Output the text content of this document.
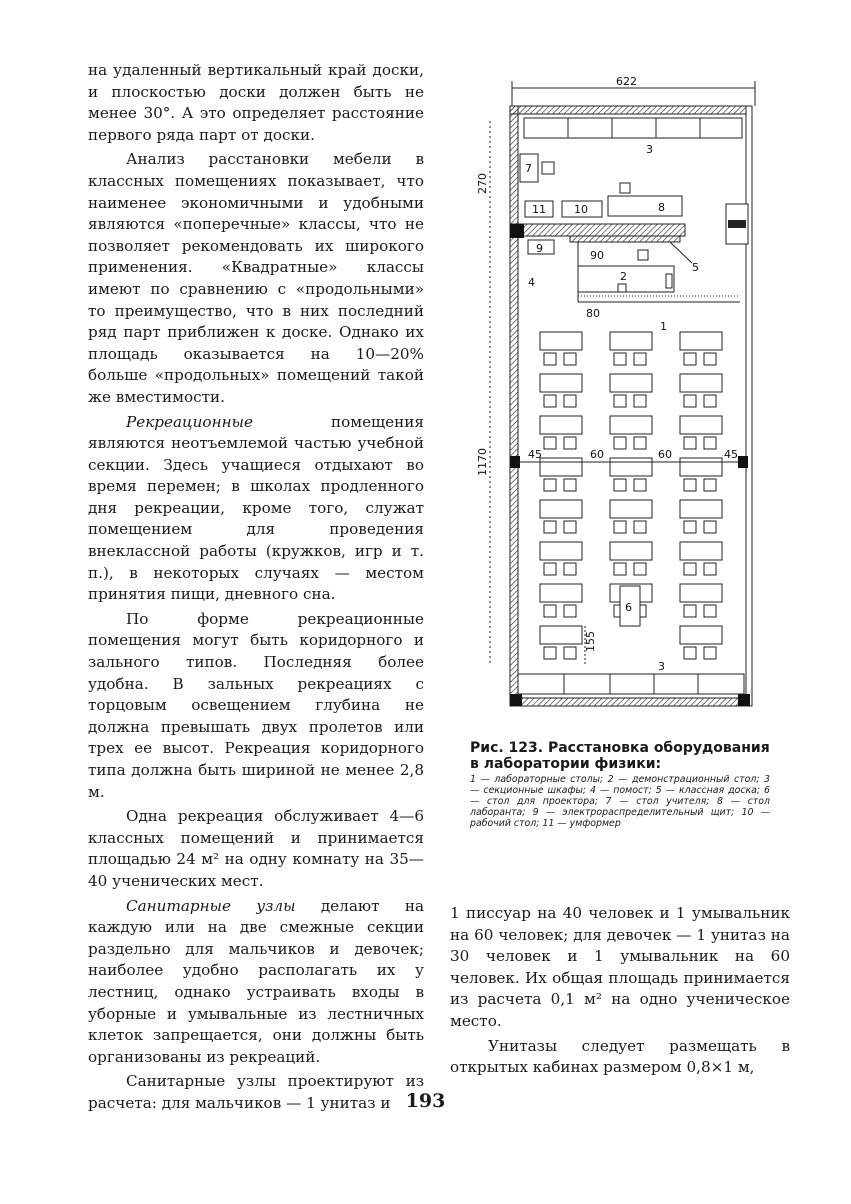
на удаленный вертикальный край доски, и плоскостью доски должен быть не менее 30°. А это определяет расстояние первого ряда парт от доски.

Анализ расстановки мебели в классных помещениях показывает, что наименее экономичными и удобными являются «поперечные» классы, что не позволяет рекомендовать их широкого применения. «Квадратные» классы имеют по сравнению с «продольными» то преимущество, что в них последний ряд парт приближен к доске. Однако их площадь оказывается на 10—20% больше «продольных» помещений такой же вместимости.

Рекреационные	помещения являются неотъемлемой частью учебной секции. Здесь учащиеся отдыхают во время перемен; в школах продленного дня рекреации, кроме того, служат помещением для проведения внеклассной работы (кружков, игр и т. п.), в некоторых случаях — местом принятия пищи, дневного сна.

По форме рекреационные помещения могут быть коридорного и зального типов. Последняя более удобна. В зальных рекреациях с торцовым освещением глубина не должна превышать двух пролетов или трех ее высот. Рекреация коридорного типа должна быть шириной не менее 2,8 м.

Одна рекреация обслуживает 4—6 классных помещений и принимается площадью 24 м² на одну комнату на 35—40 ученических мест.

Санитарные узлы делают на каждую или на две смежные секции раздельно для мальчиков и девочек; наиболее удобно располагать их у лестниц, однако устраивать входы в уборные и умывальные из лестничных клеток запрещается, они должны быть организованы из рекреаций.

Санитарные узлы проектируют из расчета: для мальчиков — 1 унитаз и

622
270
1170
3
7
11	10	8
9
90
2
5
4
80
1
45	60	60	45
6
155
3
Рис. 123. Расстановка оборудования в лаборатории физики:
1 — лабораторные столы; 2 — демонстрационный стол; 3 — секционные шкафы; 4 — помост; 5 — классная доска; 6 — стол для проектора; 7 — стол учителя; 8 — стол лаборанта; 9 — электрораспределительный щит; 10 — рабочий стол; 11 — умформер

1 писсуар на 40 человек и 1 умывальник на 60 человек; для девочек — 1 унитаз на 30 человек и 1 умывальник на 60 человек. Их общая площадь принимается из расчета 0,1 м² на одно ученическое место.

Унитазы следует размещать в открытых кабинах размером 0,8×1 м,

193
